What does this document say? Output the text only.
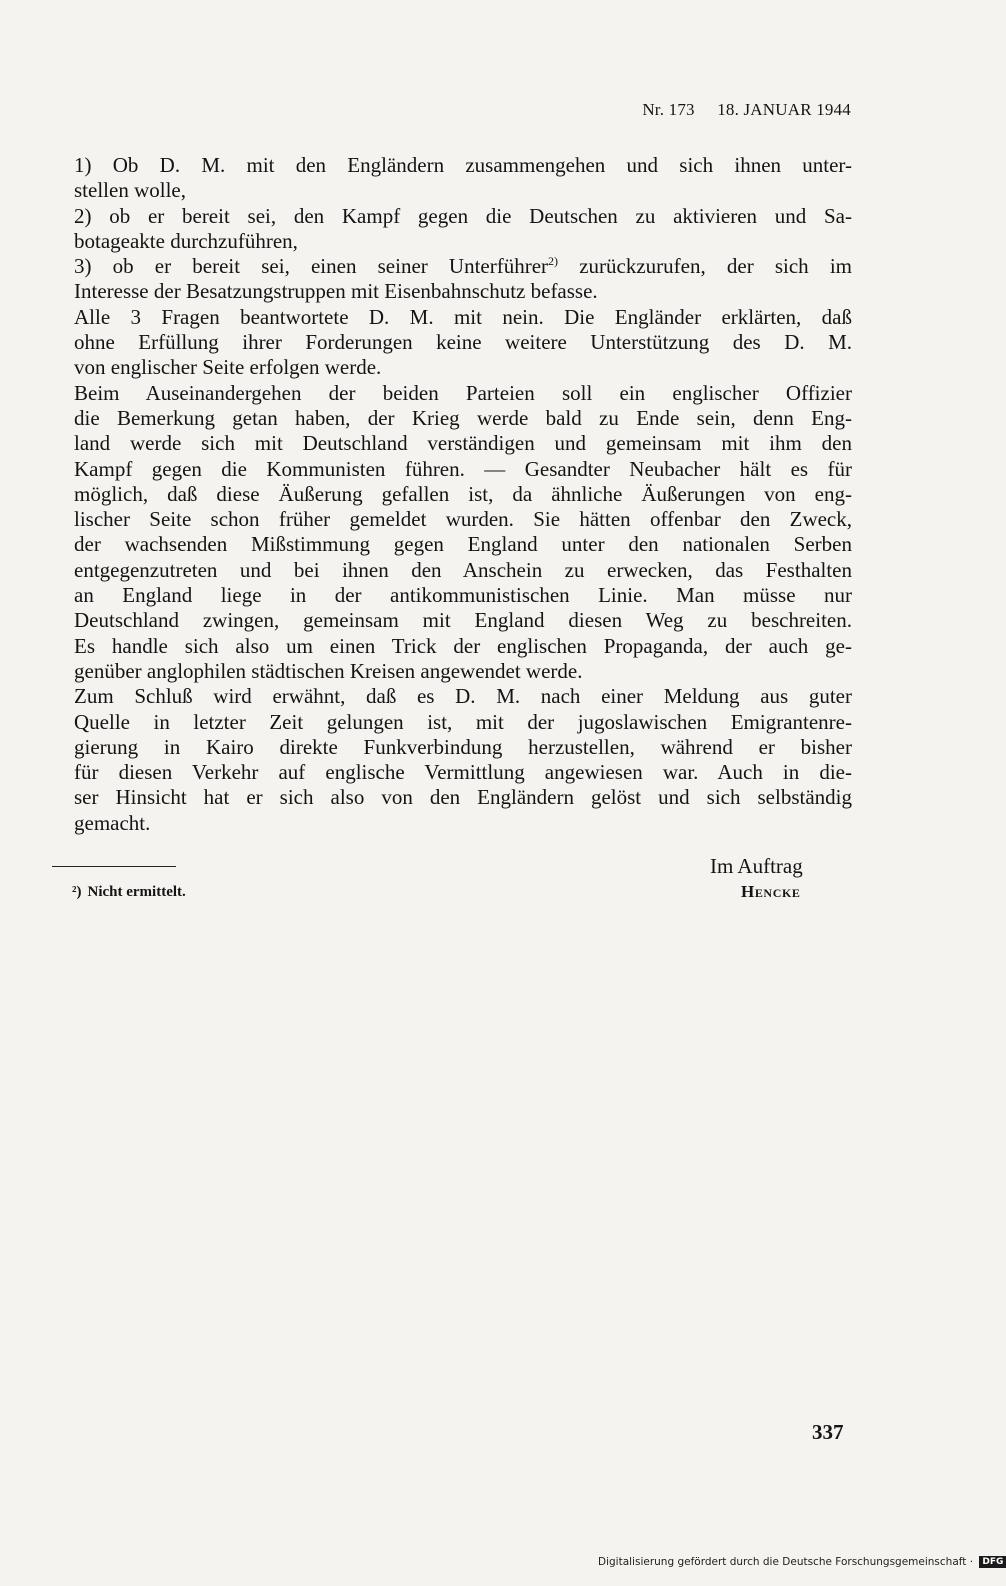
Nr. 173 18. JANUAR 1944

1) Ob D. M. mit den Engländern zusammengehen und sich ihnen unter-
stellen wolle,

2) ob er bereit sei, den Kampf gegen die Deutschen zu aktivieren und Sa-
botageakte durchzuführen,

3) ob er bereit sei, einen seiner Unterführer$^{2)}$ zurückzurufen, der sich im
Interesse der Besatzungstruppen mit Eisenbahnschutz befasse.

Alle 3 Fragen beantwortete D. M. mit nein. Die Engländer erklärten, daß
ohne Erfüllung ihrer Forderungen keine weitere Unterstützung des D. M.
von englischer Seite erfolgen werde.

Beim Auseinandergehen der beiden Parteien soll ein englischer Offizier
die Bemerkung getan haben, der Krieg werde bald zu Ende sein, denn Eng-
land werde sich mit Deutschland verständigen und gemeinsam mit ihm den
Kampf gegen die Kommunisten führen. — Gesandter Neubacher hält es für
möglich, daß diese Äußerung gefallen ist, da ähnliche Äußerungen von eng-
lischer Seite schon früher gemeldet wurden. Sie hätten offenbar den Zweck,
der wachsenden Mißstimmung gegen England unter den nationalen Serben
entgegenzutreten und bei ihnen den Anschein zu erwecken, das Festhalten
an England liege in der antikommunistischen Linie. Man müsse nur
Deutschland zwingen, gemeinsam mit England diesen Weg zu beschreiten.
Es handle sich also um einen Trick der englischen Propaganda, der auch ge-
genüber anglophilen städtischen Kreisen angewendet werde.

Zum Schluß wird erwähnt, daß es D. M. nach einer Meldung aus guter
Quelle in letzter Zeit gelungen ist, mit der jugoslawischen Emigrantenre-
gierung in Kairo direkte Funkverbindung herzustellen, während er bisher
für diesen Verkehr auf englische Vermittlung angewiesen war. Auch in die-
ser Hinsicht hat er sich also von den Engländern gelöst und sich selbständig
gemacht.

Im Auftrag
Hencke
²) Nicht ermittelt.
337
Digitalisierung gefördert durch die Deutsche Forschungsgemeinschaft · DFG
